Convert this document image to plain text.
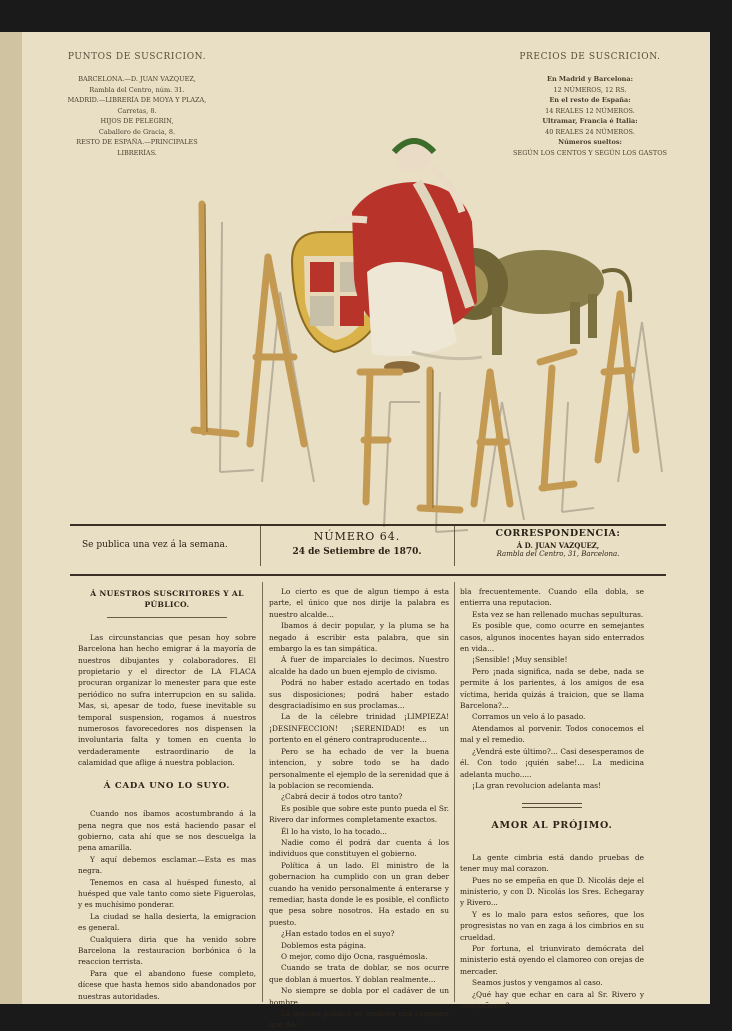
PUNTOS DE SUSCRICION.
BARCELONA.—D. JUAN VAZQUEZ,
Rambla del Centro, núm. 31.
MADRID.—LIBRERÍA DE MOYA Y PLAZA,
Carretas, 8.
HIJOS DE PELEGRIN,
Caballero de Gracia, 8.
RESTO DE ESPAÑA.—PRINCIPALES
LIBRERÍAS.
PRECIOS DE SUSCRICION.
En Madrid y Barcelona:
12 NÚMEROS, 12 RS.
En el resto de España:
14 REALES 12 NÚMEROS.
Ultramar, Francia é Italia:
40 REALES 24 NÚMEROS.
Números sueltos:
SEGÚN LOS CENTOS Y SEGÚN LOS GASTOS
Se publica una vez á la semana.
NÚMERO 64.
24 de Setiembre de 1870.
CORRESPONDENCIA:
Á D. JUAN VAZQUEZ,
Rambla del Centro, 31, Barcelona.
Á NUESTROS SUSCRITORES Y AL PÚBLICO.

Las circunstancias que pesan hoy sobre Barcelona han hecho emigrar á la mayoría de nuestros dibujantes y colaboradores. El propietario y el director de LA FLACA procuran organizar lo menester para que este periódico no sufra interrupcion en su salida. Mas, si, apesar de todo, fuese inevitable su temporal suspension, rogamos á nuestros numerosos favorecedores nos dispensen la involuntaria falta y tomen en cuenta lo verdaderamente estraordinario de la calamidad que aflige á nuestra poblacion.

Á CADA UNO LO SUYO.

Cuando nos íbamos acostumbrando á la pena negra que nos está haciendo pasar el gobierno, cata ahí que se nos descuelga la pena amarilla.

Y aquí debemos esclamar.—Esta es mas negra.

Tenemos en casa al huésped funesto, al huésped que vale tanto como siete Figuerolas, y es muchísimo ponderar.

La ciudad se halla desierta, la emigracion es general.

Cualquiera diria que ha venido sobre Barcelona la restauracion borbónica ó la reaccion terrista.

Para que el abandono fuese completo, dícese que hasta hemos sido abandonados por nuestras autoridades.

Lo cierto es que de algun tiempo á esta parte, el único que nos dirije la palabra es nuestro alcalde...

Ibamos á decir popular, y la pluma se ha negado á escribir esta palabra, que sin embargo la es tan simpática.

Á fuer de imparciales lo decimos. Nuestro alcalde ha dado un buen ejemplo de civismo.

Podrá no haber estado acertado en todas sus disposiciones; podrá haber estado desgraciadísimo en sus proclamas...

La de la célebre trinidad ¡LIMPIEZA! ¡DESINFECCION! ¡SERENIDAD! es un portento en el género contraproducente...

Pero se ha echado de ver la buena intencion, y sobre todo se ha dado personalmente el ejemplo de la serenidad que á la poblacion se recomienda.

¿Cabrá decir á todos otro tanto?

Es posible que sobre este punto pueda el Sr. Rivero dar informes completamente exactos.

Él lo ha visto, lo ha tocado...

Nadie como él podrá dar cuenta á los individuos que constituyen el gobierno.

Política á un lado. El ministro de la gobernacion ha cumplido con un gran deber cuando ha venido personalmente á enterarse y remediar, hasta donde le es posible, el conflicto que pesa sobre nosotros. Ha estado en su puesto.

¿Han estado todos en el suyo?

Doblemos esta página.

O mejor, como dijo Ocna, rasguémosla.

Cuando se trata de doblar, se nos ocurre que doblan á muertos. Y doblan realmente...

No siempre se dobla por el cadáver de un hombre.

La opinion pública es tambien una campana que do-

bla frecuentemente. Cuando ella dobla, se entierra una reputacion.

Esta vez se han rellenado muchas sepulturas.

Es posible que, como ocurre en semejantes casos, algunos inocentes hayan sido enterrados en vida...

¡Sensible! ¡Muy sensible!

Pero ¡nada significa, nada se debe, nada se permite á los parientes, á los amigos de esa víctima, herida quizás á traicion, que se llama Barcelona?...

Corramos un velo á lo pasado.

Atendamos al porvenir. Todos conocemos el mal y el remedio.

¿Vendrá este último?... Casi desesperamos de él. Con todo ¡quién sabe!... La medicina adelanta mucho.....

¡La gran revolucion adelanta mas!

AMOR AL PRÓJIMO.

La gente cimbria está dando pruebas de tener muy mal corazon.

Pues no se empeña en que D. Nicolás deje el ministerio, y con D. Nicolás los Sres. Echegaray y Rivero...

Y es lo malo para estos señores, que los progresistas no van en zaga á los cimbrios en su crueldad.

Por fortuna, el triunvirato demócrata del ministerio está oyendo el clamoreo con orejas de mercader.

Seamos justos y vengamos al caso.

¿Qué hay que echar en cara al Sr. Rivero y compañeros?
